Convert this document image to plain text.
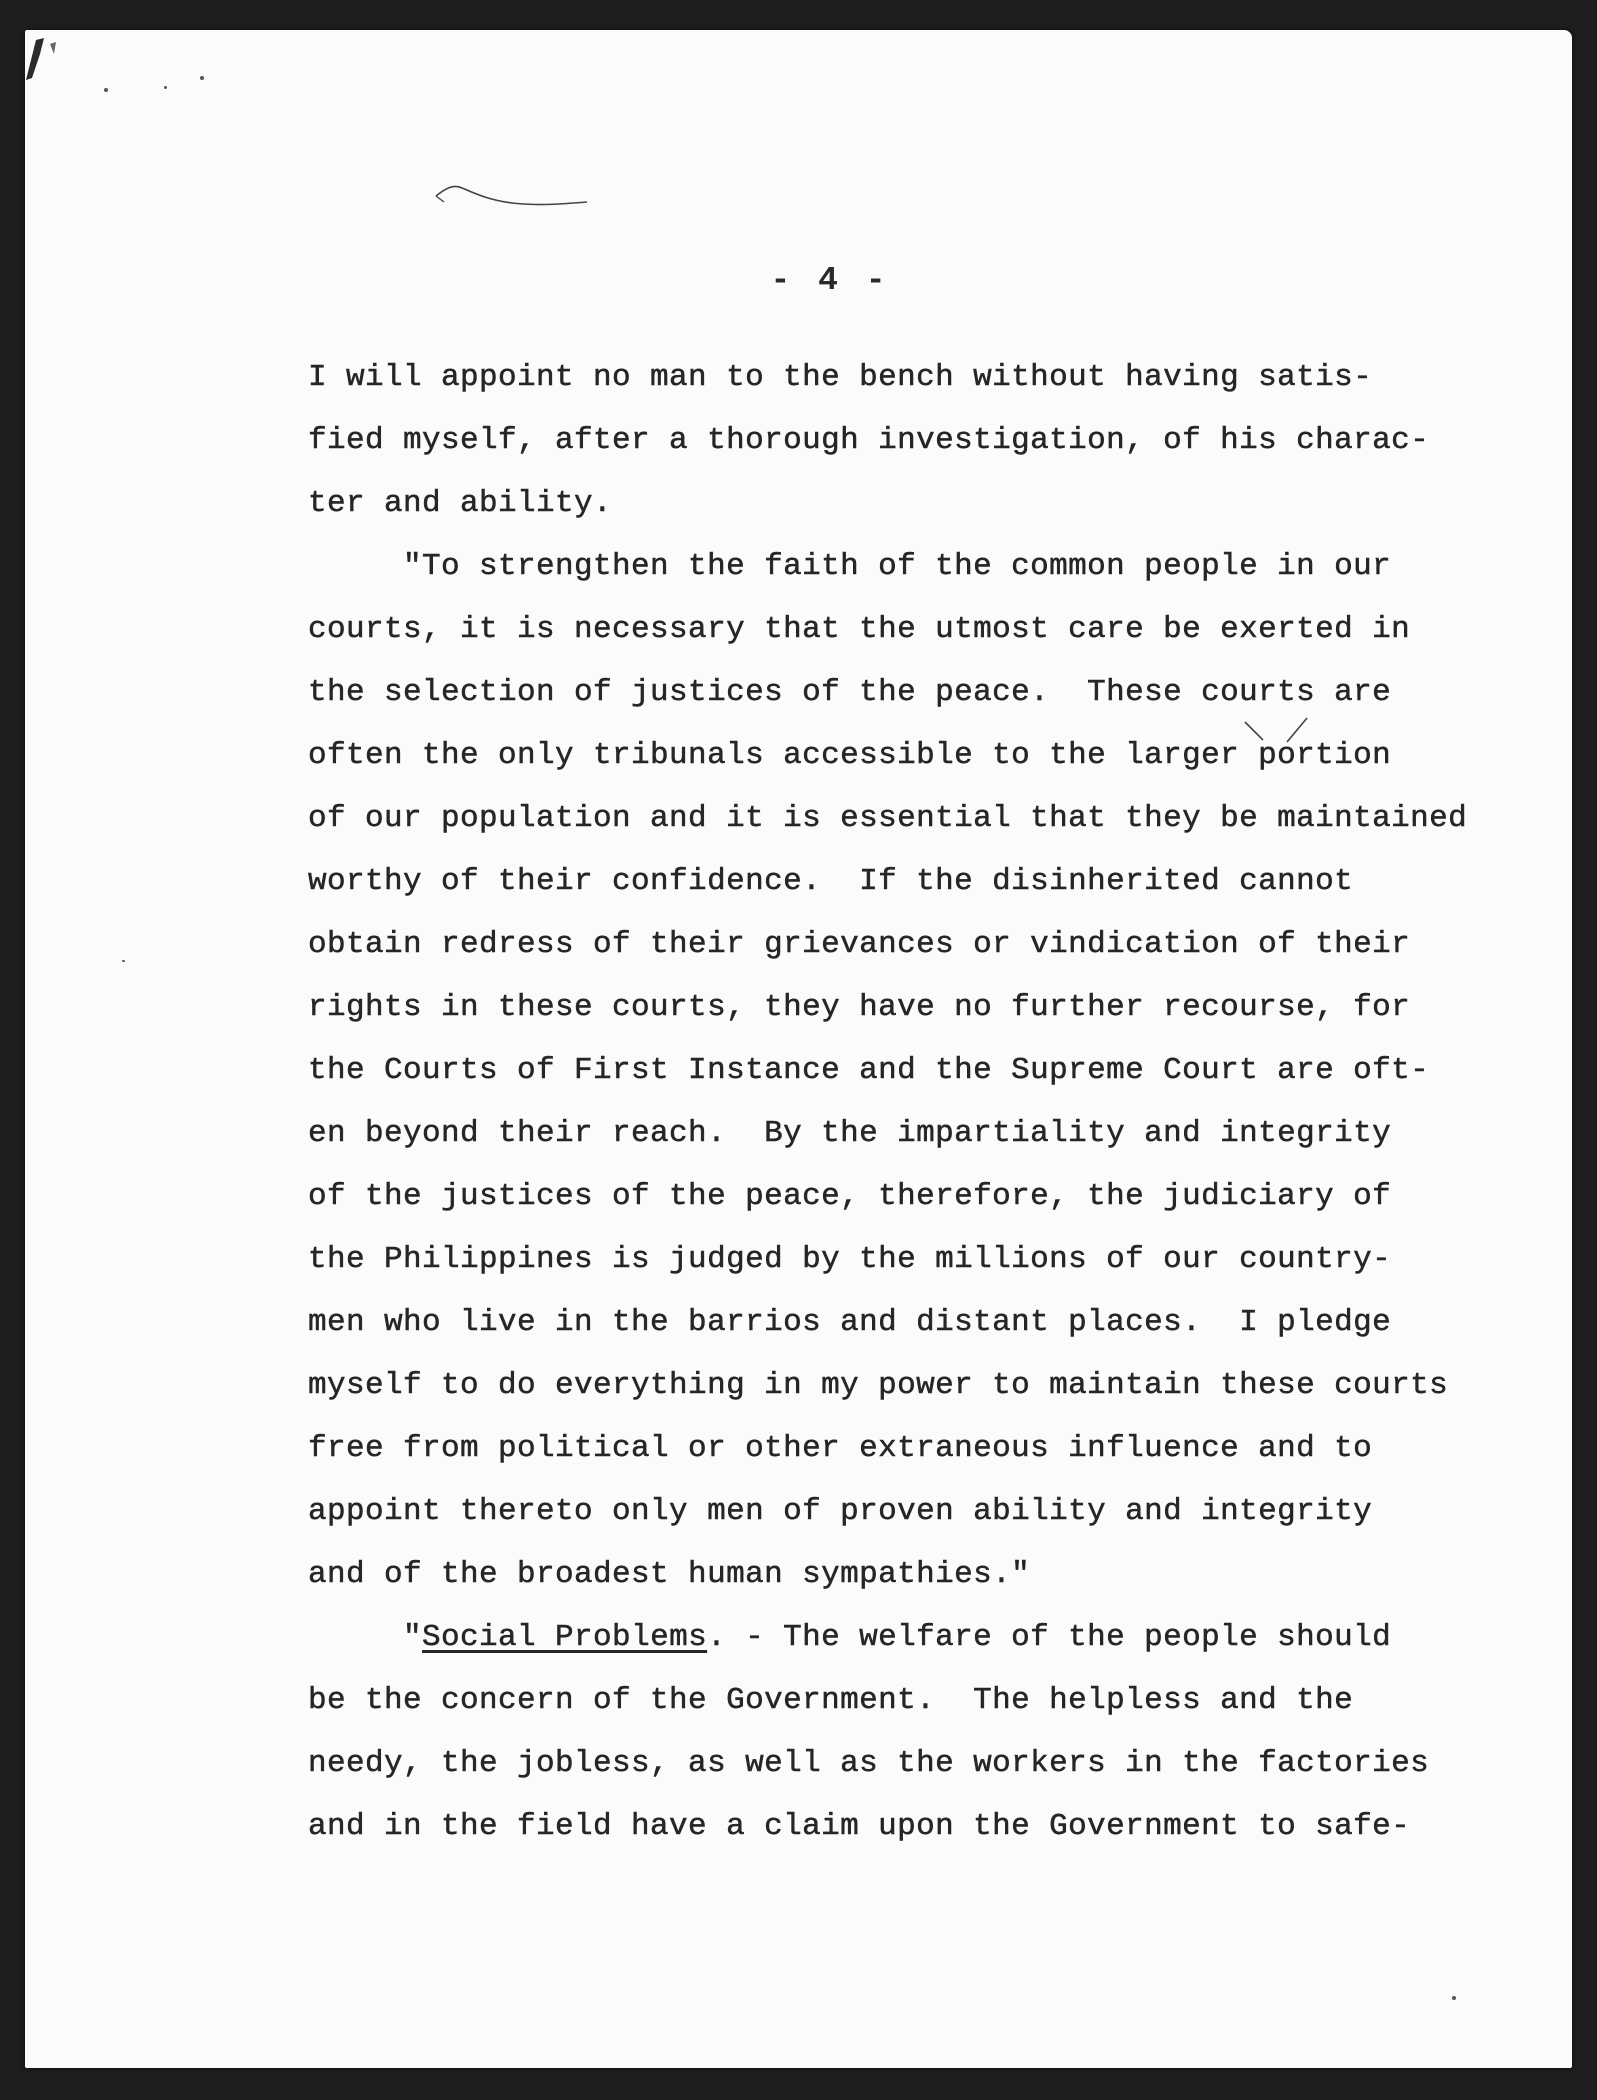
- 4 -
I will appoint no man to the bench without having satis-
fied myself, after a thorough investigation, of his charac-
ter and ability.
"To strengthen the faith of the common people in our
courts, it is necessary that the utmost care be exerted in
the selection of justices of the peace.  These courts are
often the only tribunals accessible to the larger portion
of our population and it is essential that they be maintained
worthy of their confidence.  If the disinherited cannot
obtain redress of their grievances or vindication of their
rights in these courts, they have no further recourse, for
the Courts of First Instance and the Supreme Court are oft-
en beyond their reach.  By the impartiality and integrity
of the justices of the peace, therefore, the judiciary of
the Philippines is judged by the millions of our country-
men who live in the barrios and distant places.  I pledge
myself to do everything in my power to maintain these courts
free from political or other extraneous influence and to
appoint thereto only men of proven ability and integrity
and of the broadest human sympathies."
"Social Problems. - The welfare of the people should
be the concern of the Government.  The helpless and the
needy, the jobless, as well as the workers in the factories
and in the field have a claim upon the Government to safe-
